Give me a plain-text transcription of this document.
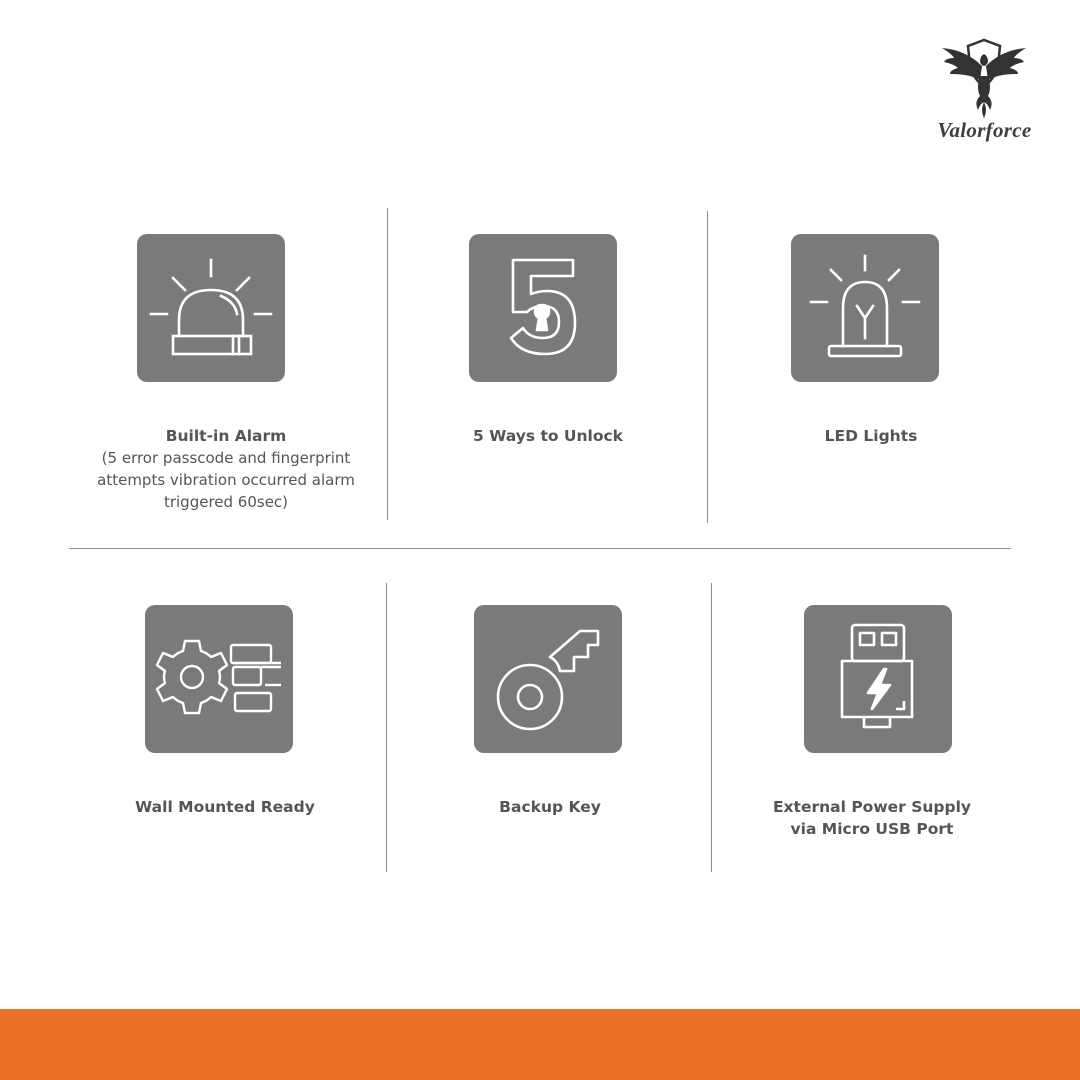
Valorforce
Built-in Alarm
(5 error passcode and fingerprint
attempts vibration occurred alarm
triggered 60sec)
5 Ways to Unlock	LED Lights
Wall Mounted Ready	Backup Key	External Power Supply
via Micro USB Port
